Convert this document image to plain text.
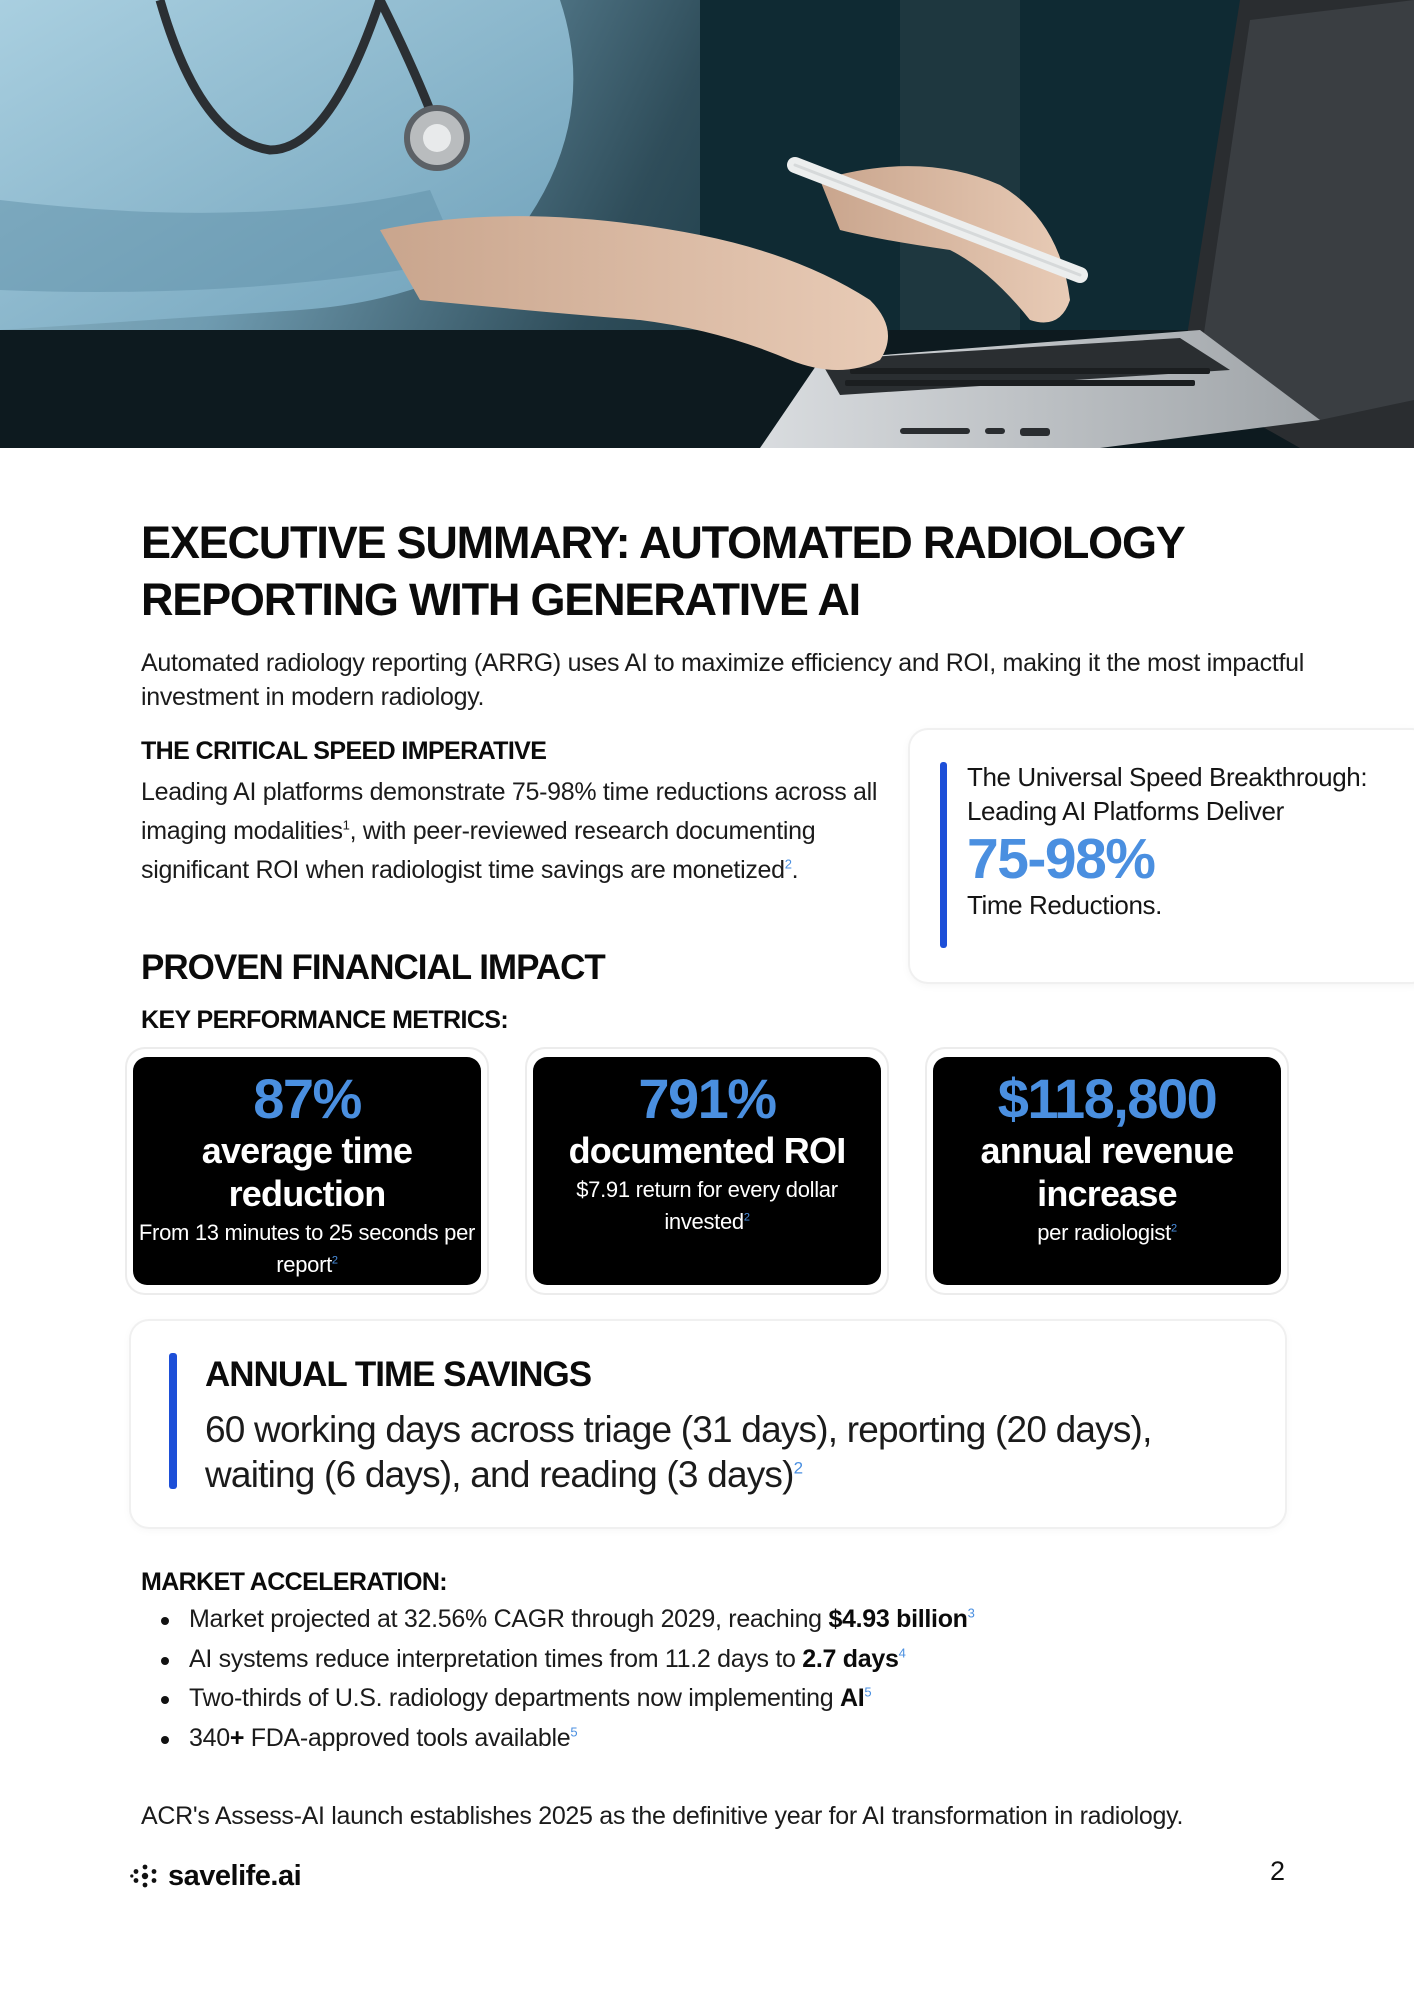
EXECUTIVE SUMMARY: AUTOMATED RADIOLOGY REPORTING WITH GENERATIVE AI
Automated radiology reporting (ARRG) uses AI to maximize efficiency and ROI, making it the most impactful investment in modern radiology.
THE CRITICAL SPEED IMPERATIVE
Leading AI platforms demonstrate 75-98% time reductions across all imaging modalities$^1$, with peer-reviewed research documenting significant ROI when radiologist time savings are monetized$^2$.
The Universal Speed Breakthrough: Leading AI Platforms Deliver
75-98%
Time Reductions.
PROVEN FINANCIAL IMPACT
KEY PERFORMANCE METRICS:
87%
average time reduction
From 13 minutes to 25 seconds per report$^2$
791%
documented ROI
$7.91 return for every dollar invested$^2$
$118,800
annual revenue increase
per radiologist$^2$
ANNUAL TIME SAVINGS
60 working days across triage (31 days), reporting (20 days), waiting (6 days), and reading (3 days)$^2$
MARKET ACCELERATION:
Market projected at 32.56% CAGR through 2029, reaching $4.93 billion$^3$
AI systems reduce interpretation times from 11.2 days to 2.7 days$^4$
Two-thirds of U.S. radiology departments now implementing $AI^5$
340+ FDA-approved tools available$^5$
ACR's Assess-AI launch establishes 2025 as the definitive year for AI transformation in radiology.
savelife.ai	2
